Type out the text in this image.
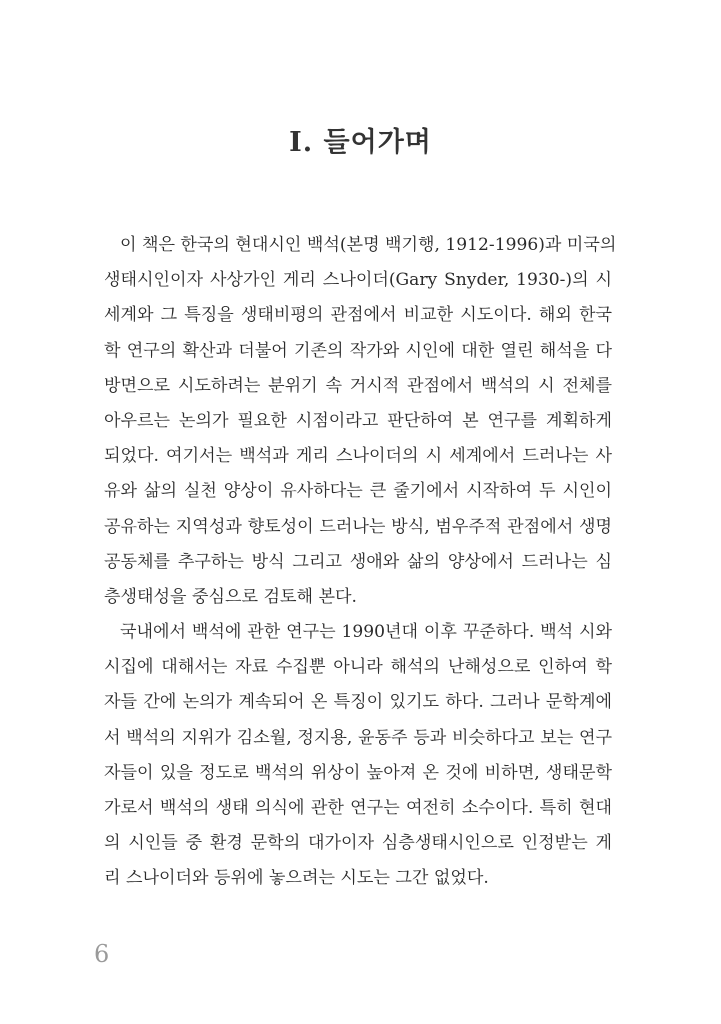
Ⅰ. 들어가며
이 책은 한국의 현대시인 백석(본명 백기행, 1912-1996)과 미국의
생태시인이자 사상가인 게리 스나이더(Gary Snyder, 1930-)의 시
세계와 그 특징을 생태비평의 관점에서 비교한 시도이다. 해외 한국
학 연구의 확산과 더불어 기존의 작가와 시인에 대한 열린 해석을 다
방면으로 시도하려는 분위기 속 거시적 관점에서 백석의 시 전체를
아우르는 논의가 필요한 시점이라고 판단하여 본 연구를 계획하게
되었다. 여기서는 백석과 게리 스나이더의 시 세계에서 드러나는 사
유와 삶의 실천 양상이 유사하다는 큰 줄기에서 시작하여 두 시인이
공유하는 지역성과 향토성이 드러나는 방식, 범우주적 관점에서 생명
공동체를 추구하는 방식 그리고 생애와 삶의 양상에서 드러나는 심
층생태성을 중심으로 검토해 본다.
국내에서 백석에 관한 연구는 1990년대 이후 꾸준하다. 백석 시와
시집에 대해서는 자료 수집뿐 아니라 해석의 난해성으로 인하여 학
자들 간에 논의가 계속되어 온 특징이 있기도 하다. 그러나 문학계에
서 백석의 지위가 김소월, 정지용, 윤동주 등과 비슷하다고 보는 연구
자들이 있을 정도로 백석의 위상이 높아져 온 것에 비하면, 생태문학
가로서 백석의 생태 의식에 관한 연구는 여전히 소수이다. 특히 현대
의 시인들 중 환경 문학의 대가이자 심층생태시인으로 인정받는 게
리 스나이더와 등위에 놓으려는 시도는 그간 없었다.
6
